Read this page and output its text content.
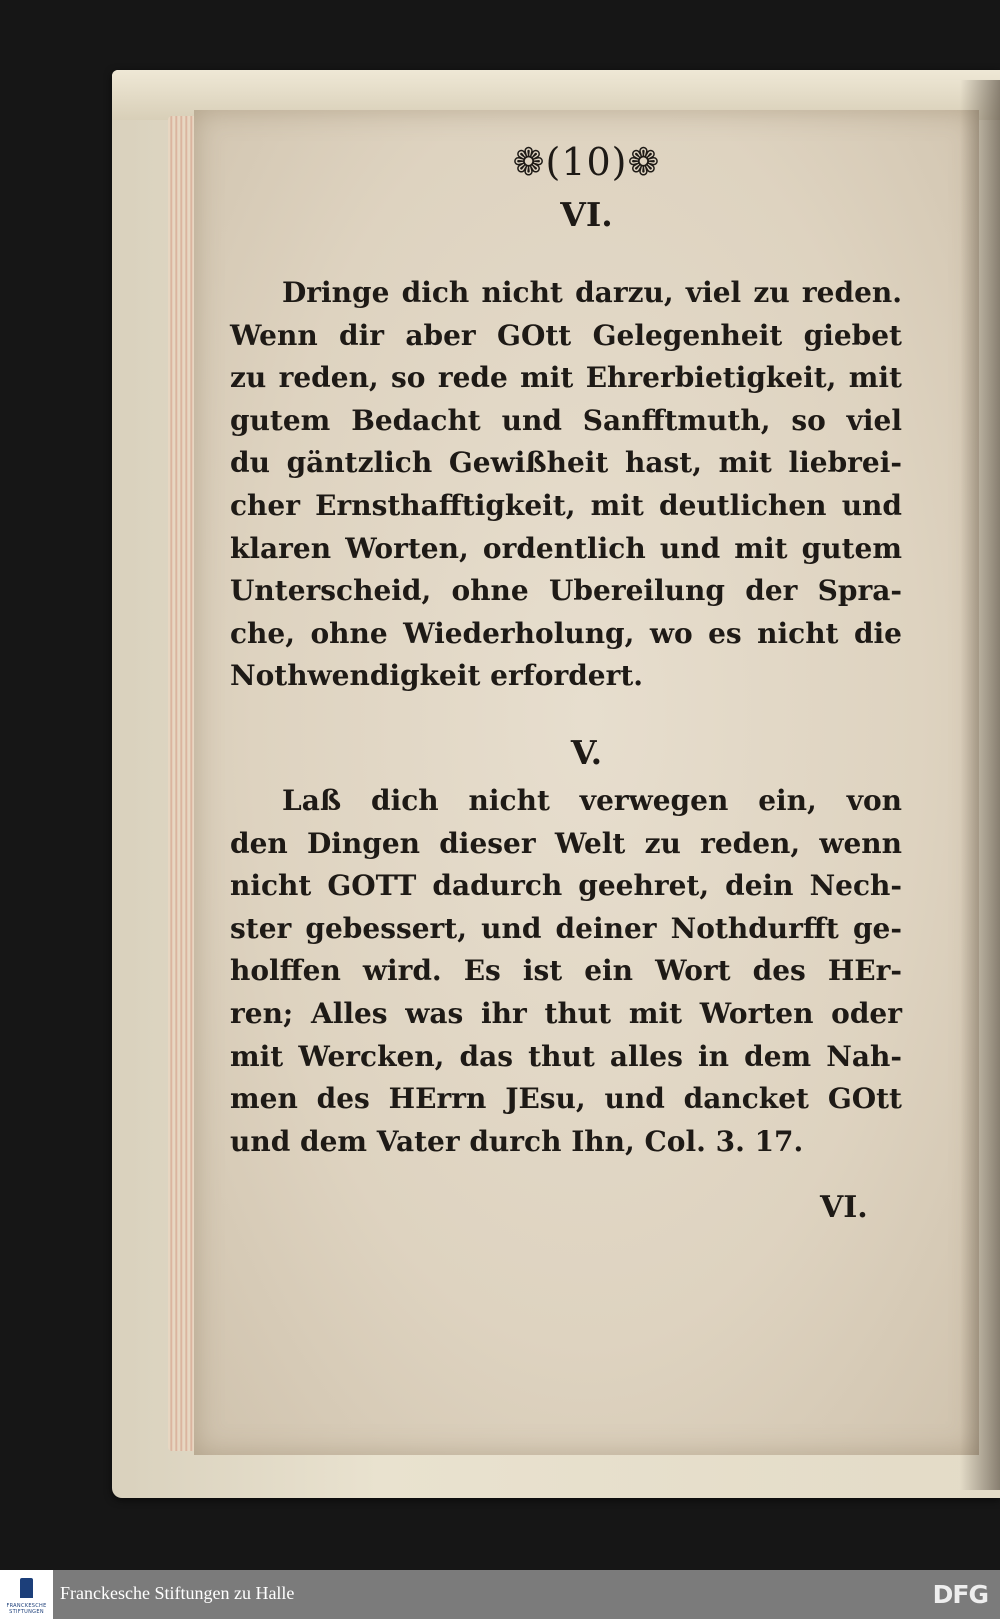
❁(10)❁
VI.
Dringe dich nicht darzu, viel zu reden.
Wenn dir aber GOtt Gelegenheit giebet
zu reden, so rede mit Ehrerbietigkeit, mit
gutem Bedacht und Sanfftmuth, so viel
du gäntzlich Gewißheit hast, mit liebrei-
cher Ernsthafftigkeit, mit deutlichen und
klaren Worten, ordentlich und mit gutem
Unterscheid, ohne Ubereilung der Spra-
che, ohne Wiederholung, wo es nicht die
Nothwendigkeit erfordert.
V.
Laß dich nicht verwegen ein, von
den Dingen dieser Welt zu reden, wenn
nicht GOTT dadurch geehret, dein Nech-
ster gebessert, und deiner Nothdurfft ge-
holffen wird. Es ist ein Wort des HEr-
ren; Alles was ihr thut mit Worten oder
mit Wercken, das thut alles in dem Nah-
men des HErrn JEsu, und dancket GOtt
und dem Vater durch Ihn, Col. 3. 17.
VI.
FRANCKESCHE STIFTUNGEN
Franckesche Stiftungen zu Halle	DFG
